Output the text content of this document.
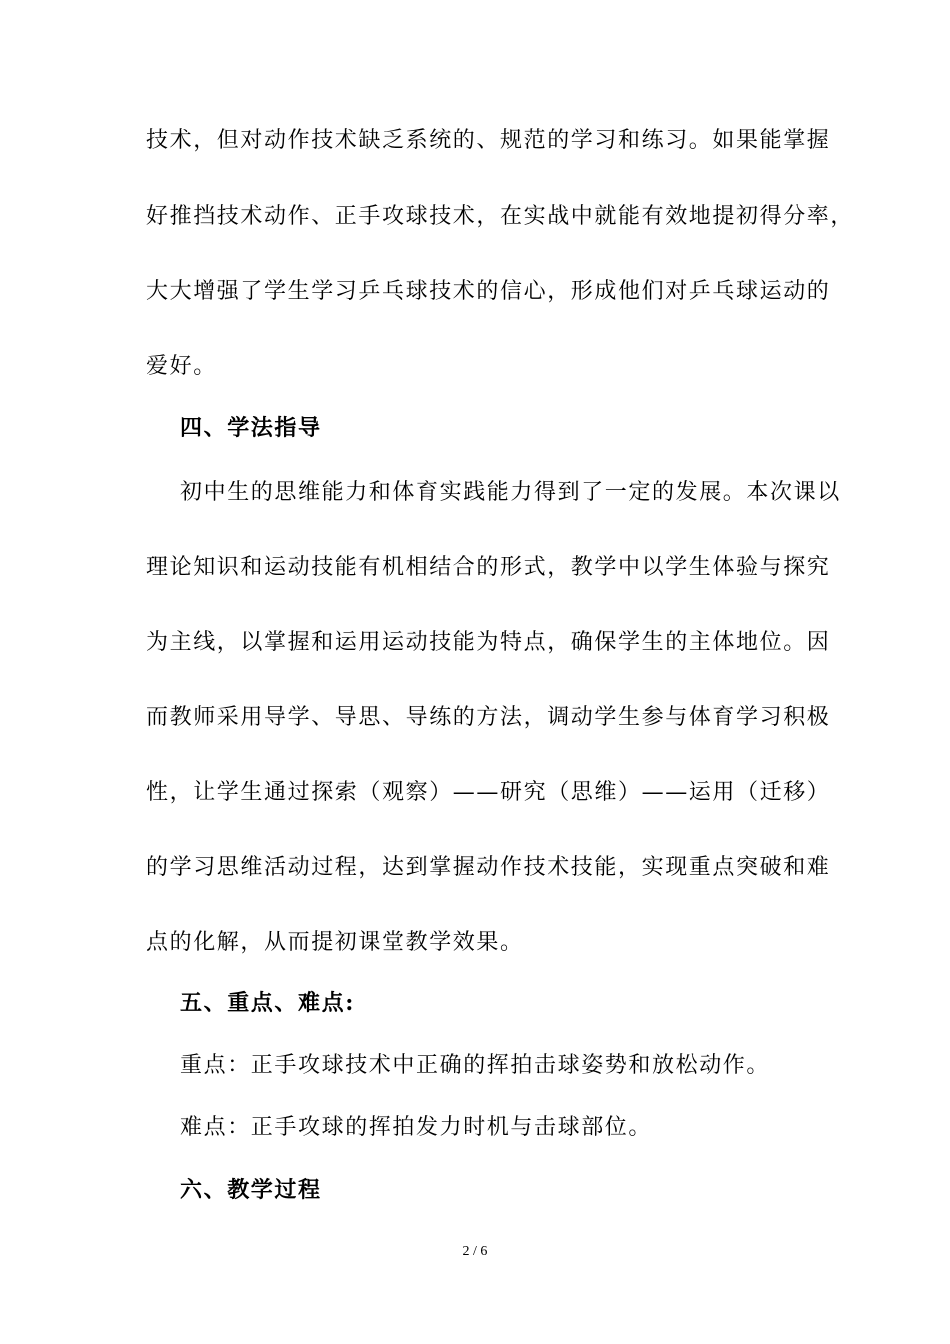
技术，但对动作技术缺乏系统的、规范的学习和练习。如果能掌握
好推挡技术动作、正手攻球技术，在实战中就能有效地提初得分率，
大大增强了学生学习乒乓球技术的信心，形成他们对乒乓球运动的
爱好。
四、学法指导
初中生的思维能力和体育实践能力得到了一定的发展。本次课以
理论知识和运动技能有机相结合的形式，教学中以学生体验与探究
为主线，以掌握和运用运动技能为特点，确保学生的主体地位。因
而教师采用导学、导思、导练的方法，调动学生参与体育学习积极
性，让学生通过探索（观察）——研究（思维）——运用（迁移）
的学习思维活动过程，达到掌握动作技术技能，实现重点突破和难
点的化解，从而提初课堂教学效果。
五、重点、难点:
重点：正手攻球技术中正确的挥拍击球姿势和放松动作。
难点：正手攻球的挥拍发力时机与击球部位。
六、教学过程
2 / 6
